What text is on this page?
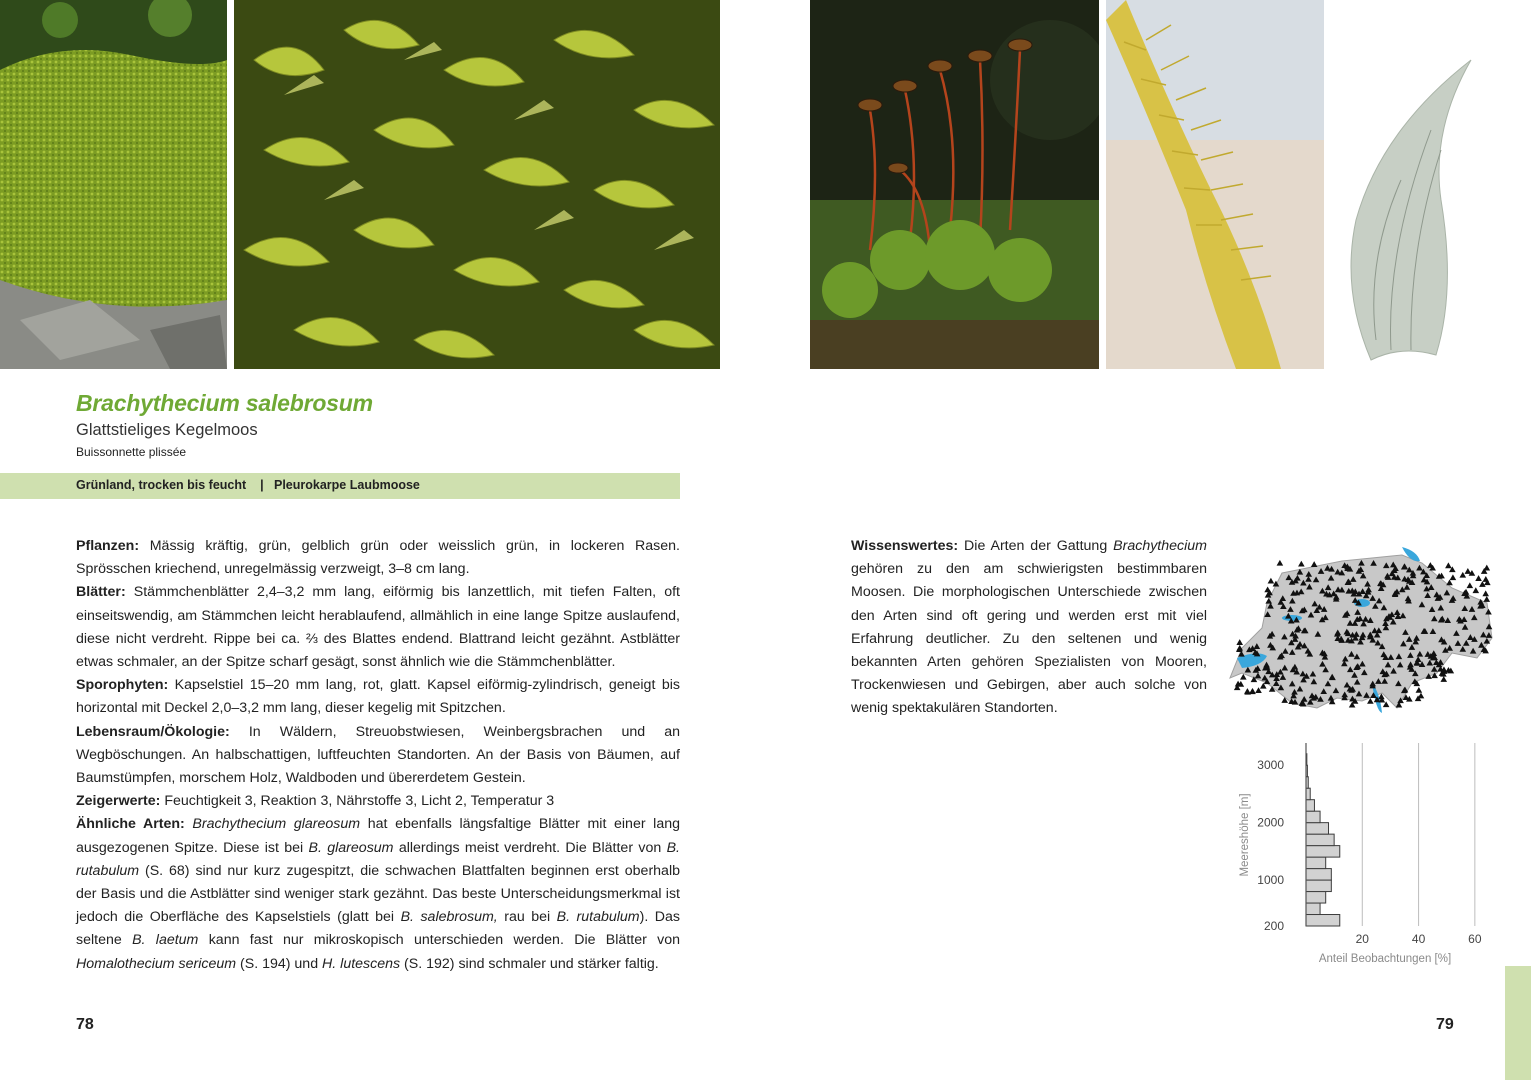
Brachythecium salebrosum
Glattstieliges Kegelmoos
Buissonnette plissée
Grünland, trocken bis feucht | Pleurokarpe Laubmoose

Pflanzen: Mässig kräftig, grün, gelblich grün oder weisslich grün, in lockeren Rasen. Sprösschen kriechend, unregelmässig verzweigt, 3–8 cm lang.

Blätter: Stämmchenblätter 2,4–3,2 mm lang, eiförmig bis lanzettlich, mit tiefen Falten, oft einseitswendig, am Stämmchen leicht herablaufend, allmählich in eine lange Spitze auslaufend, diese nicht verdreht. Rippe bei ca. ⅔ des Blattes endend. Blattrand leicht gezähnt. Astblätter etwas schmaler, an der Spitze scharf gesägt, sonst ähnlich wie die Stämmchenblätter.

Sporophyten: Kapselstiel 15–20 mm lang, rot, glatt. Kapsel eiförmig-zylindrisch, geneigt bis horizontal mit Deckel 2,0–3,2 mm lang, dieser kegelig mit Spitzchen.

Lebensraum/Ökologie: In Wäldern, Streuobstwiesen, Weinbergsbrachen und an Wegböschungen. An halbschattigen, luftfeuchten Standorten. An der Basis von Bäumen, auf Baumstümpfen, morschem Holz, Waldboden und übererdetem Gestein.

Zeigerwerte: Feuchtigkeit 3, Reaktion 3, Nährstoffe 3, Licht 2, Temperatur 3

Ähnliche Arten: Brachythecium glareosum hat ebenfalls längsfaltige Blätter mit einer lang ausgezogenen Spitze. Diese ist bei B. glareosum allerdings meist verdreht. Die Blätter von B. rutabulum (S. 68) sind nur kurz zugespitzt, die schwachen Blattfalten beginnen erst oberhalb der Basis und die Astblätter sind weniger stark gezähnt. Das beste Unterscheidungsmerkmal ist jedoch die Oberfläche des Kapselstiels (glatt bei B. salebrosum, rau bei B. rutabulum). Das seltene B. laetum kann fast nur mikroskopisch unterschieden werden. Die Blätter von Homalothecium sericeum (S. 194) und H. lutescens (S. 192) sind schmaler und stärker faltig.

Wissenswertes: Die Arten der Gattung Brachythecium gehören zu den am schwierigsten bestimmbaren Moosen. Die morphologischen Unterschiede zwischen den Arten sind oft gering und werden erst mit viel Erfahrung deutlicher. Zu den seltenen und wenig bekannten Arten gehören Spezialisten von Mooren, Trockenwiesen und Gebirgen, aber auch solche von wenig spektakulären Standorten.

20	40	60
3000
2000
1000
200
Anteil Beobachtungen [%]
Meereshöhe [m]
78	79
